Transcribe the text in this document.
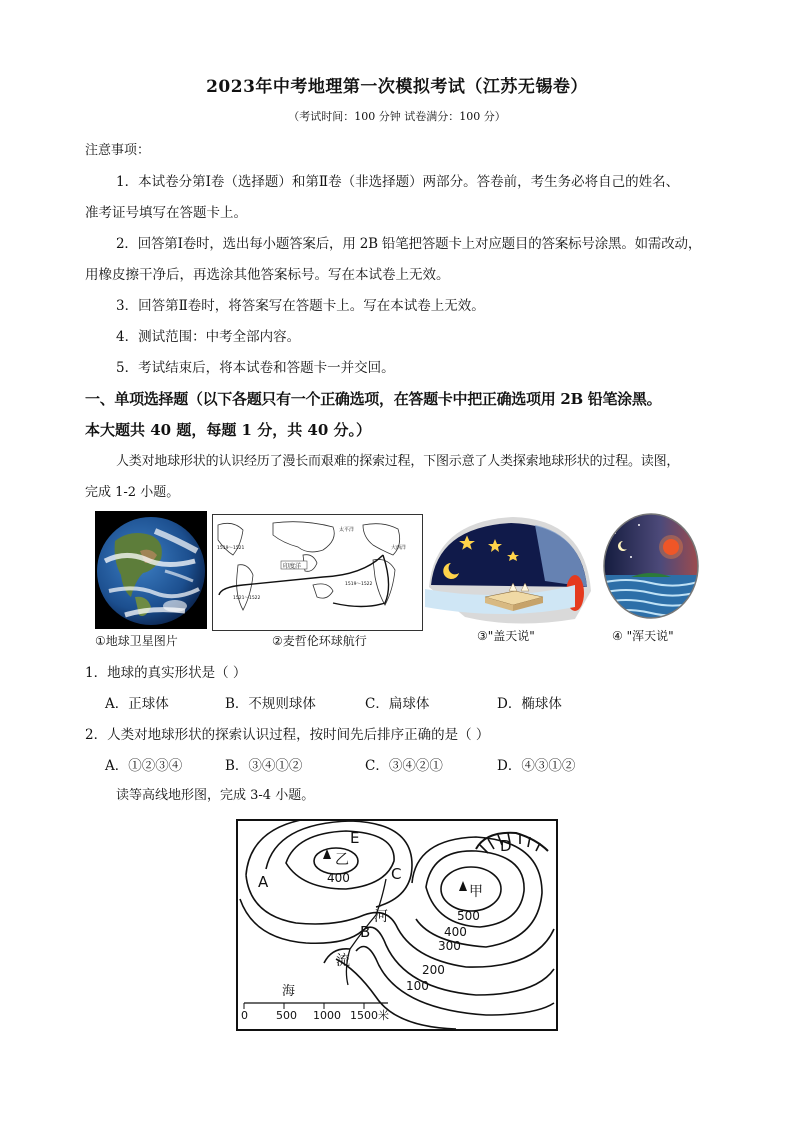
2023年中考地理第一次模拟考试（江苏无锡卷）
（考试时间：100 分钟 试卷满分：100 分）
注意事项：
1．本试卷分第Ⅰ卷（选择题）和第Ⅱ卷（非选择题）两部分。答卷前，考生务必将自己的姓名、
准考证号填写在答题卡上。
2．回答第Ⅰ卷时，选出每小题答案后，用 2B 铅笔把答题卡上对应题目的答案标号涂黑。如需改动，
用橡皮擦干净后，再选涂其他答案标号。写在本试卷上无效。
3．回答第Ⅱ卷时，将答案写在答题卡上。写在本试卷上无效。
4．测试范围：中考全部内容。
5．考试结束后，将本试卷和答题卡一并交回。
一、单项选择题（以下各题只有一个正确选项，在答题卡中把正确选项用 2B 铅笔涂黑。
本大题共 40 题，每题 1 分，共 40 分。）
人类对地球形状的认识经历了漫长而艰难的探索过程，下图示意了人类探索地球形状的过程。读图，
完成 1-2 小题。
①地球卫星图片
印度洋
太平洋
大西洋
1519～1521
1521～1522
1519～1522
②麦哲伦环球航行	③"盖天说"	④ "浑天说"
1．地球的真实形状是（ ）
A．正球体	B．不规则球体	C．扁球体	D．椭球体
2．人类对地球形状的探索认识过程，按时间先后排序正确的是（ ）
A．①②③④	B．③④①②	C．③④②①	D．④③①②
读等高线地形图，完成 3-4 小题。
E	D
A	C
B
乙
甲
河
流
海
400
500
400
300
200
100
0	500 1000 1500 米
